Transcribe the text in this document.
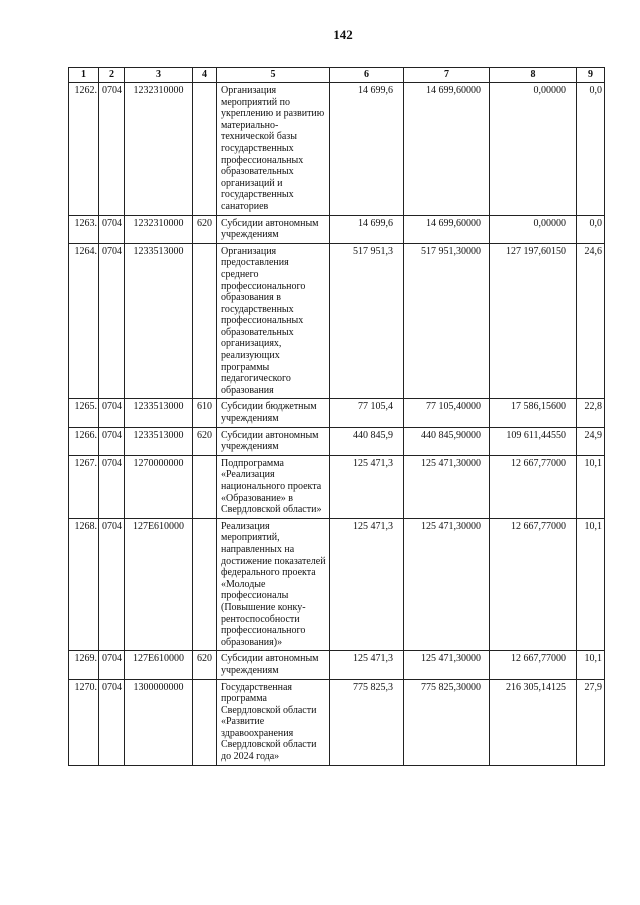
142
1	2	3	4	5	6	7	8	9
1262.	0704	1232310000		Организация мероприятий по укреплению и развитию материально-технической базы государственных профессиональных образовательных организаций и государственных санаториев	14 699,6	14 699,60000	0,00000	0,0
1263.	0704	1232310000	620	Субсидии автономным учреждениям	14 699,6	14 699,60000	0,00000	0,0
1264.	0704	1233513000		Организация предоставления среднего профессионального образования в государственных профессиональных образовательных организациях, реализующих программы педагогического образования	517 951,3	517 951,30000	127 197,60150	24,6
1265.	0704	1233513000	610	Субсидии бюджетным учреждениям	77 105,4	77 105,40000	17 586,15600	22,8
1266.	0704	1233513000	620	Субсидии автономным учреждениям	440 845,9	440 845,90000	109 611,44550	24,9
1267.	0704	1270000000		Подпрограмма «Реализация национального проекта «Образование» в Свердловской области»	125 471,3	125 471,30000	12 667,77000	10,1
1268.	0704	127E610000		Реализация мероприятий, направленных на достижение показателей федерального проекта «Молодые профессионалы (Повышение конку-рентоспособности профессионального образования)»	125 471,3	125 471,30000	12 667,77000	10,1
1269.	0704	127E610000	620	Субсидии автономным учреждениям	125 471,3	125 471,30000	12 667,77000	10,1
1270.	0704	1300000000		Государственная программа Свердловской области «Развитие здравоохранения Свердловской области до 2024 года»	775 825,3	775 825,30000	216 305,14125	27,9
